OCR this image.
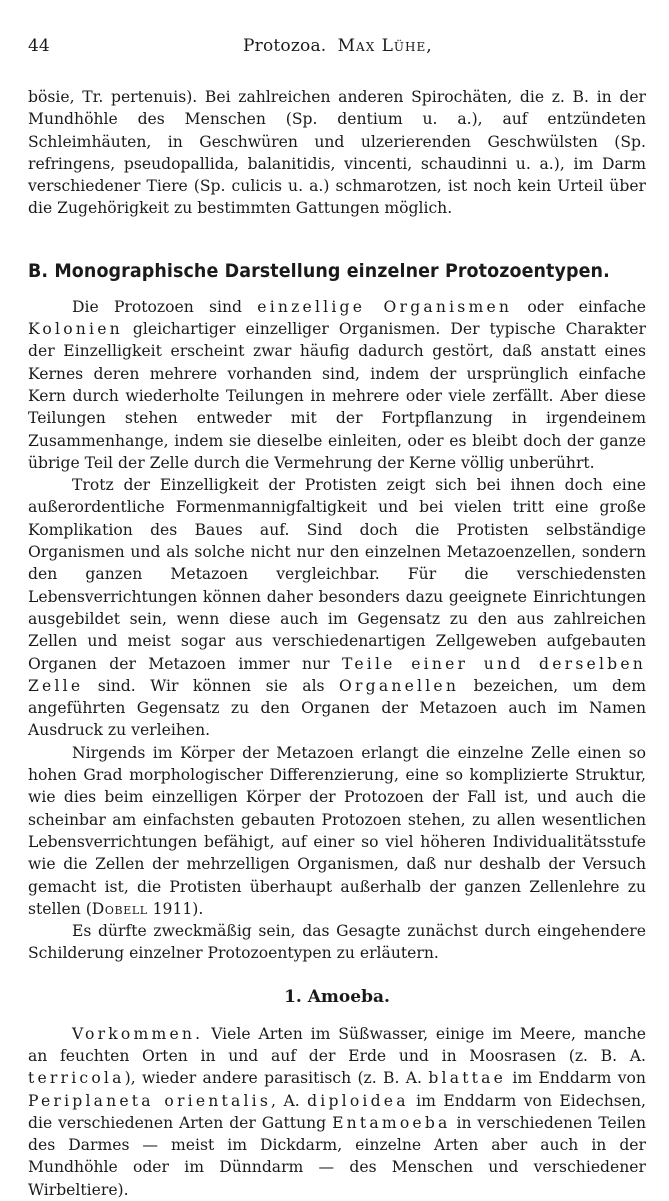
44	Protozoa. Max Lühe,

bösie, Tr. pertenuis). Bei zahlreichen anderen Spirochäten, die z. B. in der Mundhöhle des Menschen (Sp. dentium u. a.), auf entzündeten Schleimhäuten, in Geschwüren und ulzerierenden Geschwülsten (Sp. refringens, pseudopallida, balanitidis, vincenti, schaudinni u. a.), im Darm verschiedener Tiere (Sp. culicis u. a.) schmarotzen, ist noch kein Urteil über die Zugehörigkeit zu bestimmten Gattungen möglich.

B. Monographische Darstellung einzelner Protozoentypen.

Die Protozoen sind einzellige Organismen oder einfache Kolonien gleichartiger einzelliger Organismen. Der typische Charakter der Einzelligkeit erscheint zwar häufig dadurch gestört, daß anstatt eines Kernes deren mehrere vorhanden sind, indem der ursprünglich einfache Kern durch wiederholte Teilungen in mehrere oder viele zerfällt. Aber diese Teilungen stehen entweder mit der Fortpflanzung in irgendeinem Zusammenhange, indem sie dieselbe einleiten, oder es bleibt doch der ganze übrige Teil der Zelle durch die Vermehrung der Kerne völlig unberührt.

Trotz der Einzelligkeit der Protisten zeigt sich bei ihnen doch eine außerordentliche Formenmannigfaltigkeit und bei vielen tritt eine große Komplikation des Baues auf. Sind doch die Protisten selbständige Organismen und als solche nicht nur den einzelnen Metazoenzellen, sondern den ganzen Metazoen vergleichbar. Für die verschiedensten Lebensverrichtungen können daher besonders dazu geeignete Einrichtungen ausgebildet sein, wenn diese auch im Gegensatz zu den aus zahlreichen Zellen und meist sogar aus verschiedenartigen Zellgeweben aufgebauten Organen der Metazoen immer nur Teile einer und derselben Zelle sind. Wir können sie als Organellen bezeichen, um dem angeführten Gegensatz zu den Organen der Metazoen auch im Namen Ausdruck zu verleihen.

Nirgends im Körper der Metazoen erlangt die einzelne Zelle einen so hohen Grad morphologischer Differenzierung, eine so komplizierte Struktur, wie dies beim einzelligen Körper der Protozoen der Fall ist, und auch die scheinbar am einfachsten gebauten Protozoen stehen, zu allen wesentlichen Lebensverrichtungen befähigt, auf einer so viel höheren Individualitätsstufe wie die Zellen der mehrzelligen Organismen, daß nur deshalb der Versuch gemacht ist, die Protisten überhaupt außerhalb der ganzen Zellenlehre zu stellen (Dobell 1911).

Es dürfte zweckmäßig sein, das Gesagte zunächst durch eingehendere Schilderung einzelner Protozoentypen zu erläutern.

1. Amoeba.

Vorkommen. Viele Arten im Süßwasser, einige im Meere, manche an feuchten Orten in und auf der Erde und in Moosrasen (z. B. A. terricola), wieder andere parasitisch (z. B. A. blattae im Enddarm von Periplaneta orientalis, A. diploidea im Enddarm von Eidechsen, die verschiedenen Arten der Gattung Entamoeba in verschiedenen Teilen des Darmes — meist im Dickdarm, einzelne Arten aber auch in der Mundhöhle oder im Dünndarm — des Menschen und verschiedener Wirbeltiere).
